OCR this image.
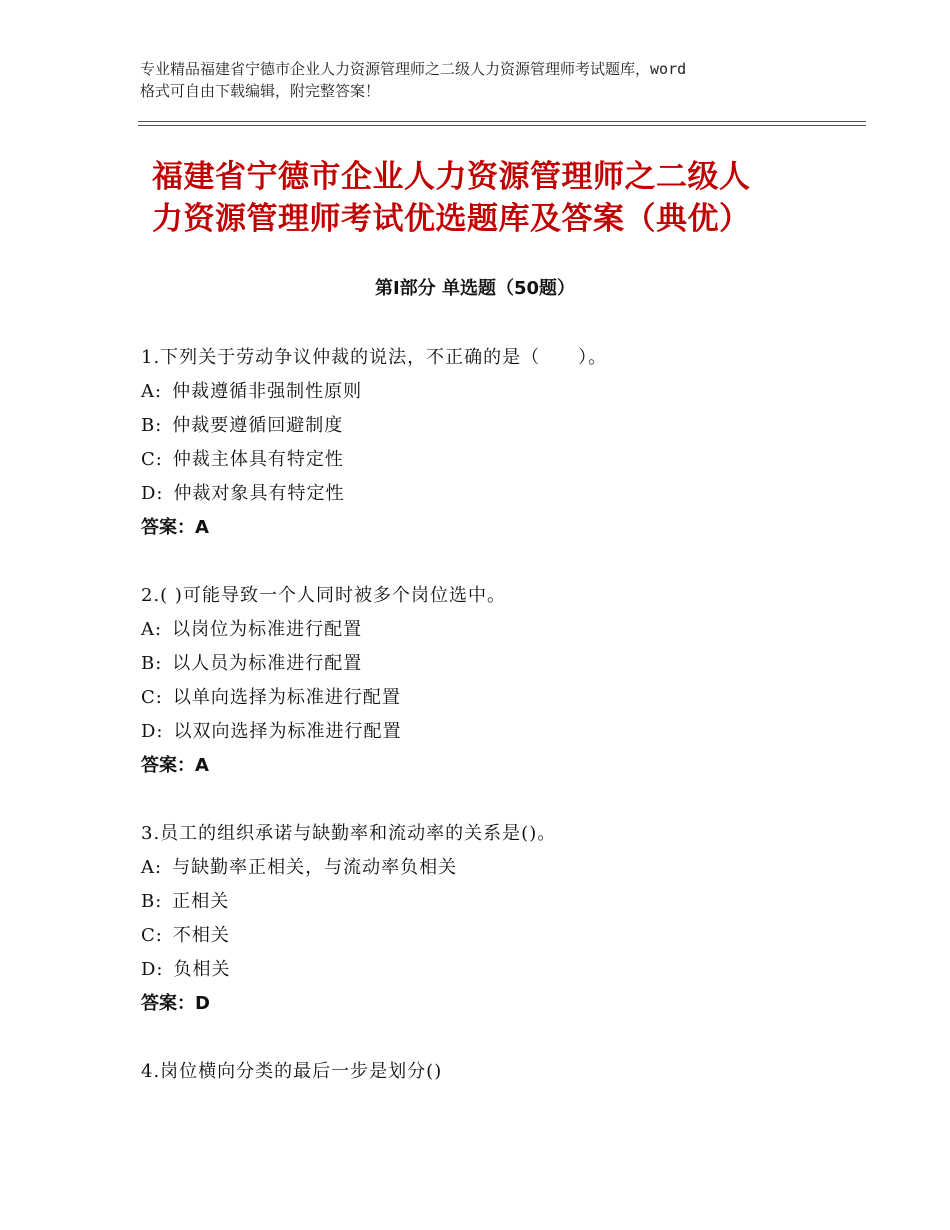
专业精品福建省宁德市企业人力资源管理师之二级人力资源管理师考试题库，word
格式可自由下载编辑，附完整答案！
福建省宁德市企业人力资源管理师之二级人
力资源管理师考试优选题库及答案（典优）
第Ⅰ部分 单选题（50题）
1.下列关于劳动争议仲裁的说法，不正确的是（　　）。
A: 仲裁遵循非强制性原则
B: 仲裁要遵循回避制度
C: 仲裁主体具有特定性
D: 仲裁对象具有特定性
答案：A
2.( )可能导致一个人同时被多个岗位选中。
A: 以岗位为标准进行配置
B: 以人员为标准进行配置
C: 以单向选择为标准进行配置
D: 以双向选择为标准进行配置
答案：A
3.员工的组织承诺与缺勤率和流动率的关系是()。
A: 与缺勤率正相关，与流动率负相关
B: 正相关
C: 不相关
D: 负相关
答案：D
4.岗位横向分类的最后一步是划分()
